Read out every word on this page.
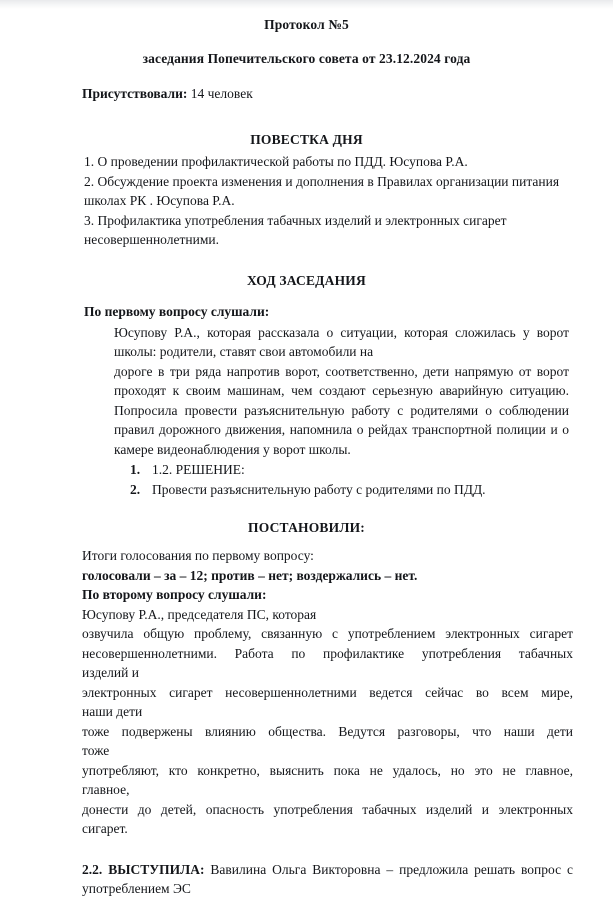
Протокол №5
заседания Попечительского совета от 23.12.2024 года
Присутствовали: 14 человек
ПОВЕСТКА ДНЯ

1. О проведении профилактической работы по ПДД. Юсупова Р.А.

2. Обсуждение проекта изменения и дополнения в Правилах организации питания школах РК . Юсупова Р.А.

3. Профилактика употребления табачных изделий и электронных сигарет несовершеннолетними.

ХОД ЗАСЕДАНИЯ
По первому вопросу слушали:

Юсупову Р.А., которая рассказала о ситуации, которая сложилась у ворот школы: родители, ставят свои автомобили на

дороге в три ряда напротив ворот, соответственно, дети напрямую от ворот проходят к своим машинам, чем создают серьезную аварийную ситуацию. Попросила провести разъяснительную работу с родителями о соблюдении правил дорожного движения, напомнила о рейдах транспортной полиции и о камере видеонаблюдения у ворот школы.

1. 1.2. РЕШЕНИЕ:
2. Провести разъяснительную работу с родителями по ПДД.
ПОСТАНОВИЛИ:
Итоги голосования по первому вопросу:
голосовали – за – 12; против – нет; воздержались – нет.
По второму вопросу слушали:
Юсупову Р.А., председателя ПС, которая
озвучила общую проблему, связанную с употреблением электронных сигарет несовершеннолетними. Работа по профилактике употребления табачных
изделий и
электронных сигарет несовершеннолетними ведется сейчас во всем мире,
наши дети
тоже подвержены влиянию общества. Ведутся разговоры, что наши дети
тоже
употребляют, кто конкретно, выяснить пока не удалось, но это не главное,
главное,
донести до детей, опасность употребления табачных изделий и электронных
сигарет.
2.2. ВЫСТУПИЛА: Вавилина Ольга Викторовна – предложила решать вопрос с употреблением ЭС
